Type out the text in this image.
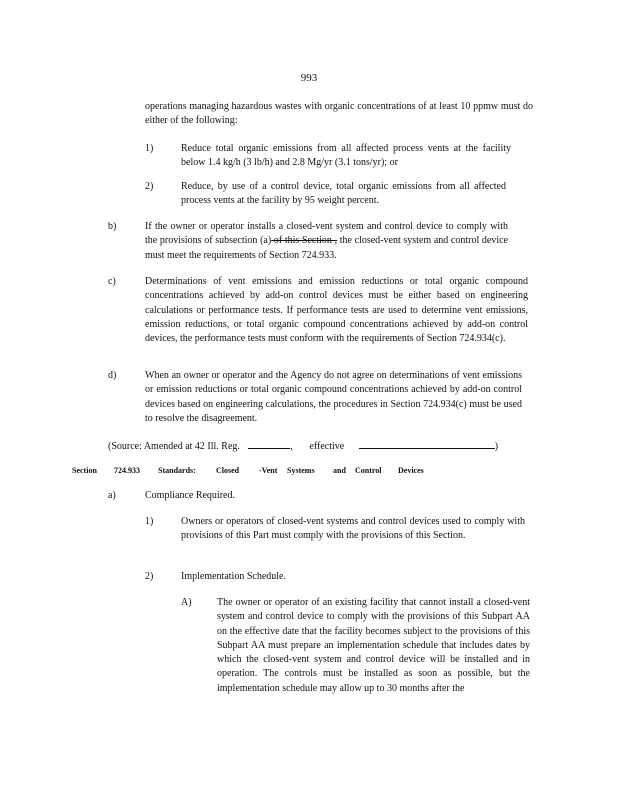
993

operations managing hazardous wastes with organic concentrations of at least 10 ppmw must do either of the following:

1)	Reduce total organic emissions from all affected process vents at the facility below 1.4 kg/h (3 lb/h) and 2.8 Mg/yr (3.1 tons/yr); or

2)	Reduce, by use of a control device, total organic emissions from all affected process vents at the facility by 95 weight percent.

b)	If the owner or operator installs a closed-vent system and control device to comply with the provisions of subsection (a) of this Section , the closed-vent system and control device must meet the requirements of Section 724.933.

c)	Determinations of vent emissions and emission reductions or total organic compound concentrations achieved by add-on control devices must be either based on engineering calculations or performance tests. If performance tests are used to determine vent emissions, emission reductions, or total organic compound concentrations achieved by add-on control devices, the performance tests must conform with the requirements of Section 724.934(c).

d)	When an owner or operator and the Agency do not agree on determinations of vent emissions or emission reductions or total organic compound concentrations achieved by add-on control devices based on engineering calculations, the procedures in Section 724.934(c) must be used to resolve the disagreement.

(Source: Amended at 42 Ill. Reg.	, effective	)
Section 724.933 Standards:	Closed -Vent Systems and Control Devices
a)	Compliance Required.

1)	Owners or operators of closed-vent systems and control devices used to comply with provisions of this Part must comply with the provisions of this Section.

2)	Implementation Schedule.

A)	The owner or operator of an existing facility that cannot install a closed-vent system and control device to comply with the provisions of this Subpart AA on the effective date that the facility becomes subject to the provisions of this Subpart AA must prepare an implementation schedule that includes dates by which the closed-vent system and control device will be installed and in operation. The controls must be installed as soon as possible, but the implementation schedule may allow up to 30 months after the
